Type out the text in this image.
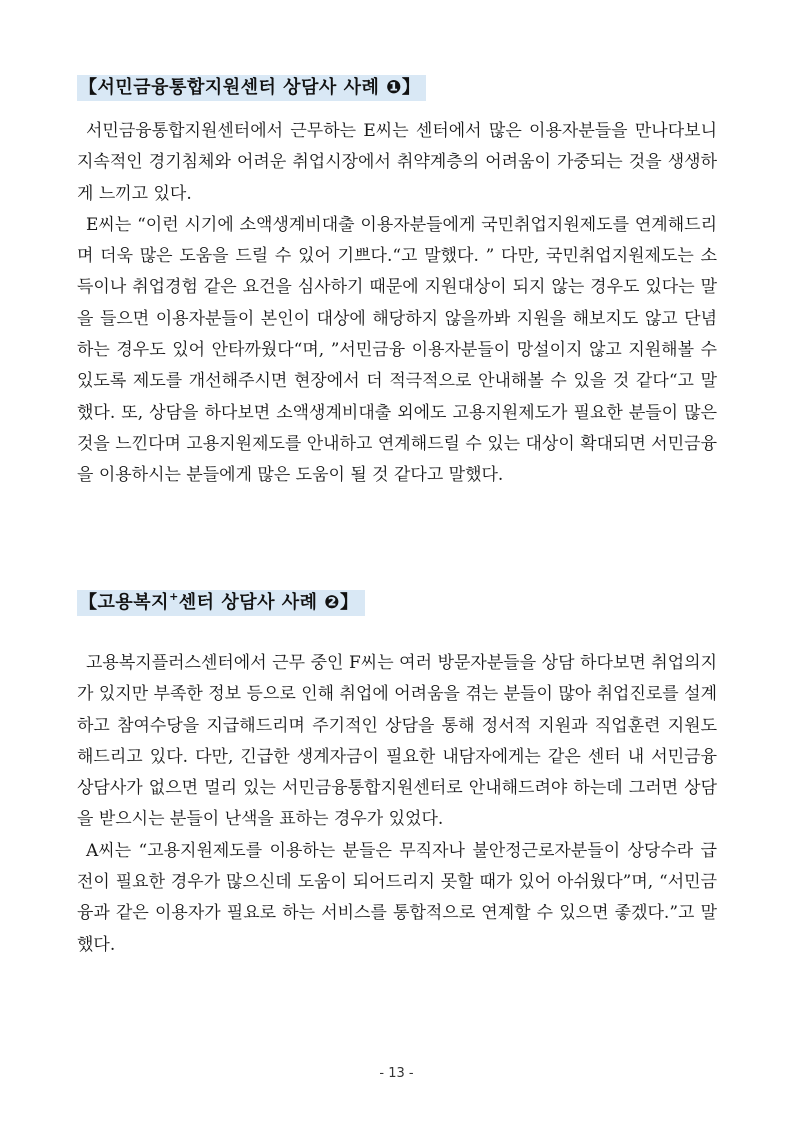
【서민금융통합지원센터 상담사 사례 ❶】

서민금융통합지원센터에서 근무하는 E씨는 센터에서 많은 이용자분들을 만나다보니 지속적인 경기침체와 어려운 취업시장에서 취약계층의 어려움이 가중되는 것을 생생하게 느끼고 있다.

E씨는 “이런 시기에 소액생계비대출 이용자분들에게 국민취업지원제도를 연계해드리며 더욱 많은 도움을 드릴 수 있어 기쁘다.“고 말했다. ” 다만, 국민취업지원제도는 소득이나 취업경험 같은 요건을 심사하기 때문에 지원대상이 되지 않는 경우도 있다는 말을 들으면 이용자분들이 본인이 대상에 해당하지 않을까봐 지원을 해보지도 않고 단념하는 경우도 있어 안타까웠다“며, ”서민금융 이용자분들이 망설이지 않고 지원해볼 수 있도록 제도를 개선해주시면 현장에서 더 적극적으로 안내해볼 수 있을 것 같다“고 말했다. 또, 상담을 하다보면 소액생계비대출 외에도 고용지원제도가 필요한 분들이 많은 것을 느낀다며 고용지원제도를 안내하고 연계해드릴 수 있는 대상이 확대되면 서민금융을 이용하시는 분들에게 많은 도움이 될 것 같다고 말했다.

【고용복지+센터 상담사 사례 ❷】

고용복지플러스센터에서 근무 중인 F씨는 여러 방문자분들을 상담 하다보면 취업의지가 있지만 부족한 정보 등으로 인해 취업에 어려움을 겪는 분들이 많아 취업진로를 설계하고 참여수당을 지급해드리며 주기적인 상담을 통해 정서적 지원과 직업훈련 지원도 해드리고 있다. 다만, 긴급한 생계자금이 필요한 내담자에게는 같은 센터 내 서민금융 상담사가 없으면 멀리 있는 서민금융통합지원센터로 안내해드려야 하는데 그러면 상담을 받으시는 분들이 난색을 표하는 경우가 있었다.

A씨는 “고용지원제도를 이용하는 분들은 무직자나 불안정근로자분들이 상당수라 급전이 필요한 경우가 많으신데 도움이 되어드리지 못할 때가 있어 아쉬웠다”며, “서민금융과 같은 이용자가 필요로 하는 서비스를 통합적으로 연계할 수 있으면 좋겠다.”고 말했다.

- 13 -
